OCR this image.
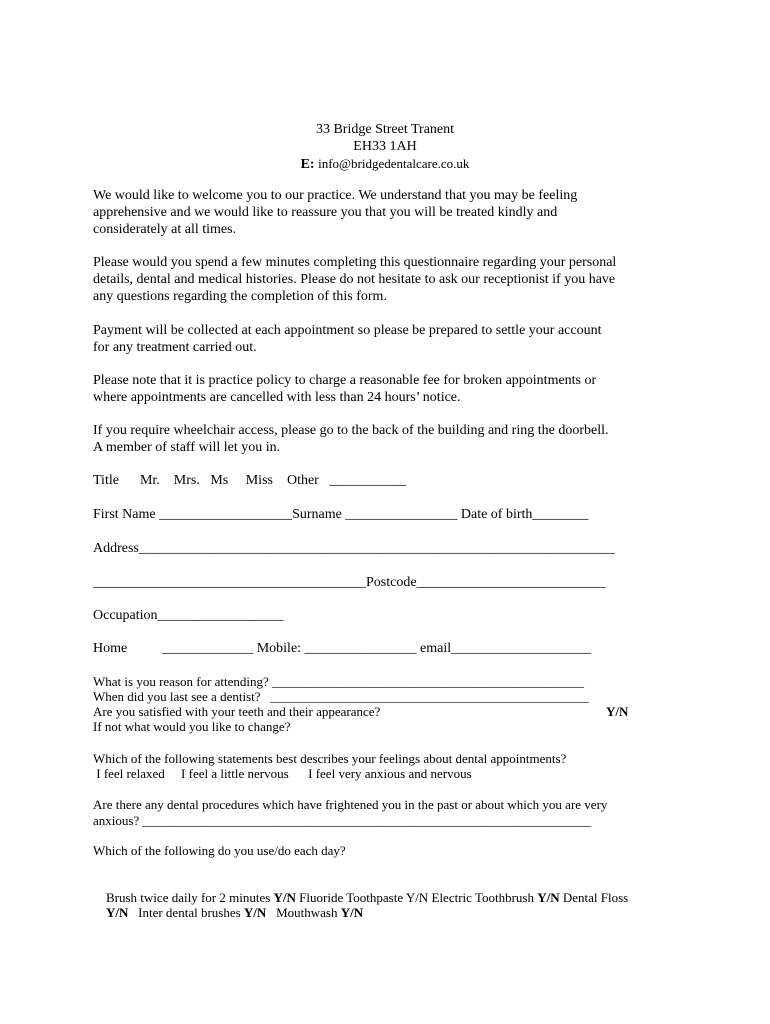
33 Bridge Street Tranent
EH33 1AH
E: info@bridgedentalcare.co.uk
We would like to welcome you to our practice. We understand that you may be feeling
apprehensive and we would like to reassure you that you will be treated kindly and
considerately at all times.
Please would you spend a few minutes completing this questionnaire regarding your personal
details, dental and medical histories. Please do not hesitate to ask our receptionist if you have
any questions regarding the completion of this form.
Payment will be collected at each appointment so please be prepared to settle your account
for any treatment carried out.
Please note that it is practice policy to charge a reasonable fee for broken appointments or
where appointments are cancelled with less than 24 hours’ notice.
If you require wheelchair access, please go to the back of the building and ring the doorbell.
A member of staff will let you in.
Title      Mr.    Mrs.   Ms     Miss    Other   ___________
First Name ___________________Surname ________________ Date of birth________
Address____________________________________________________________________
_______________________________________Postcode___________________________
Occupation__________________
Home          _____________ Mobile: ________________ email____________________
What is you reason for attending? ________________________________________________
When did you last see a dentist?   _________________________________________________
Are you satisfied with your teeth and their appearance?	Y/N
If not what would you like to change?
Which of the following statements best describes your feelings about dental appointments?
I feel relaxed     I feel a little nervous      I feel very anxious and nervous
Are there any dental procedures which have frightened you in the past or about which you are very
anxious? _____________________________________________________________________
Which of the following do you use/do each day?

Brush twice daily for 2 minutes Y/N Fluoride Toothpaste Y/N Electric Toothbrush Y/N Dental Floss

Y/N   Inter dental brushes Y/N   Mouthwash Y/N
